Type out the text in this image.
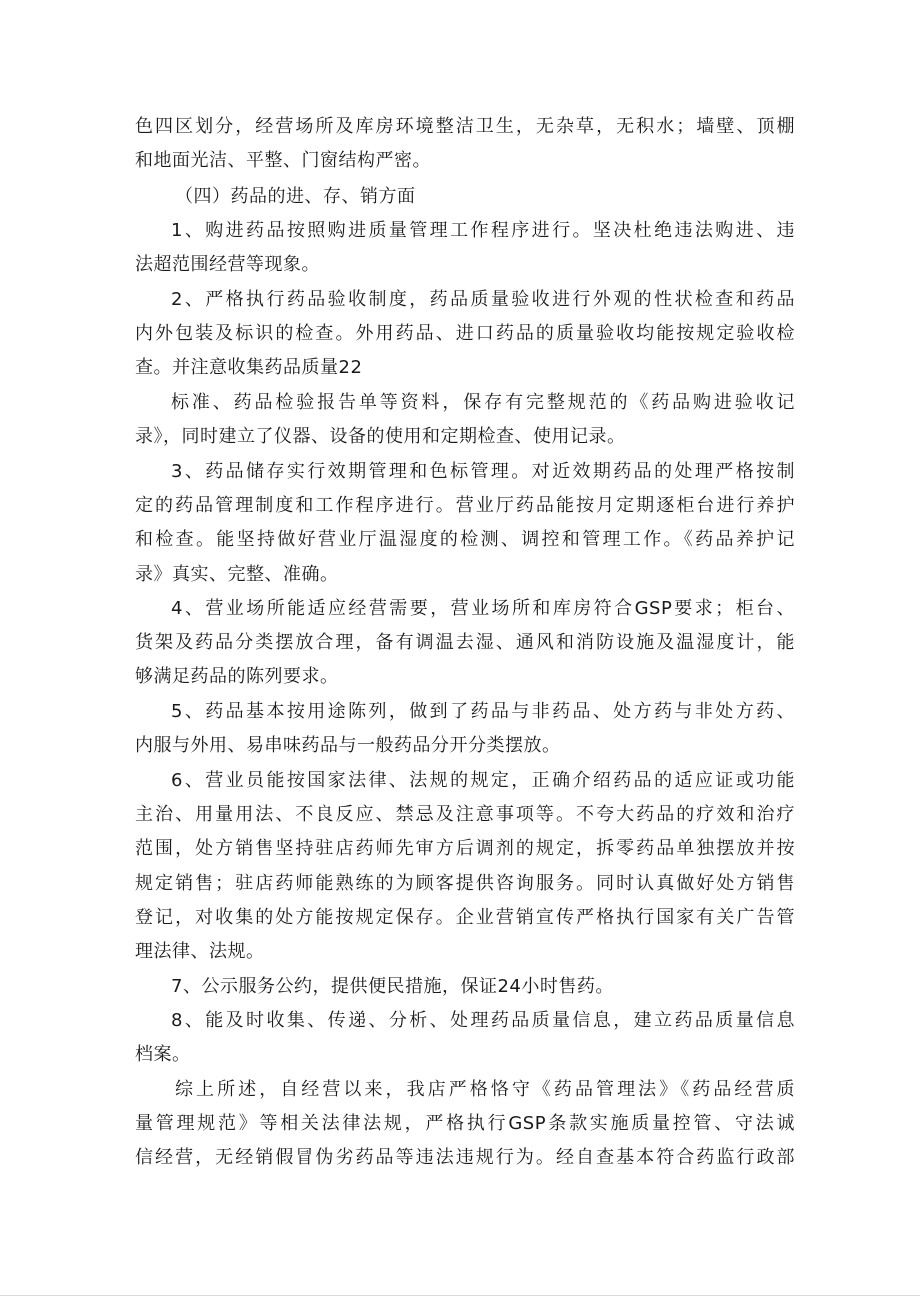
色四区划分，经营场所及库房环境整洁卫生，无杂草，无积水；墙壁、顶棚
和地面光洁、平整、门窗结构严密。

（四）药品的进、存、销方面

1、购进药品按照购进质量管理工作程序进行。坚决杜绝违法购进、违
法超范围经营等现象。

2、严格执行药品验收制度，药品质量验收进行外观的性状检查和药品
内外包装及标识的检查。外用药品、进口药品的质量验收均能按规定验收检
查。并注意收集药品质量22

标准、药品检验报告单等资料，保存有完整规范的《药品购进验收记
录》，同时建立了仪器、设备的使用和定期检查、使用记录。

3、药品储存实行效期管理和色标管理。对近效期药品的处理严格按制
定的药品管理制度和工作程序进行。营业厅药品能按月定期逐柜台进行养护
和检查。能坚持做好营业厅温湿度的检测、调控和管理工作。《药品养护记
录》真实、完整、准确。

4、营业场所能适应经营需要，营业场所和库房符合GSP要求；柜台、
货架及药品分类摆放合理，备有调温去湿、通风和消防设施及温湿度计，能
够满足药品的陈列要求。

5、药品基本按用途陈列，做到了药品与非药品、处方药与非处方药、
内服与外用、易串味药品与一般药品分开分类摆放。

6、营业员能按国家法律、法规的规定，正确介绍药品的适应证或功能
主治、用量用法、不良反应、禁忌及注意事项等。不夸大药品的疗效和治疗
范围，处方销售坚持驻店药师先审方后调剂的规定，拆零药品单独摆放并按
规定销售；驻店药师能熟练的为顾客提供咨询服务。同时认真做好处方销售
登记，对收集的处方能按规定保存。企业营销宣传严格执行国家有关广告管
理法律、法规。

7、公示服务公约，提供便民措施，保证24小时售药。

8、能及时收集、传递、分析、处理药品质量信息，建立药品质量信息
档案。

综上所述，自经营以来，我店严格恪守《药品管理法》《药品经营质
量管理规范》等相关法律法规，严格执行GSP条款实施质量控管、守法诚
信经营，无经销假冒伪劣药品等违法违规行为。经自查基本符合药监行政部
